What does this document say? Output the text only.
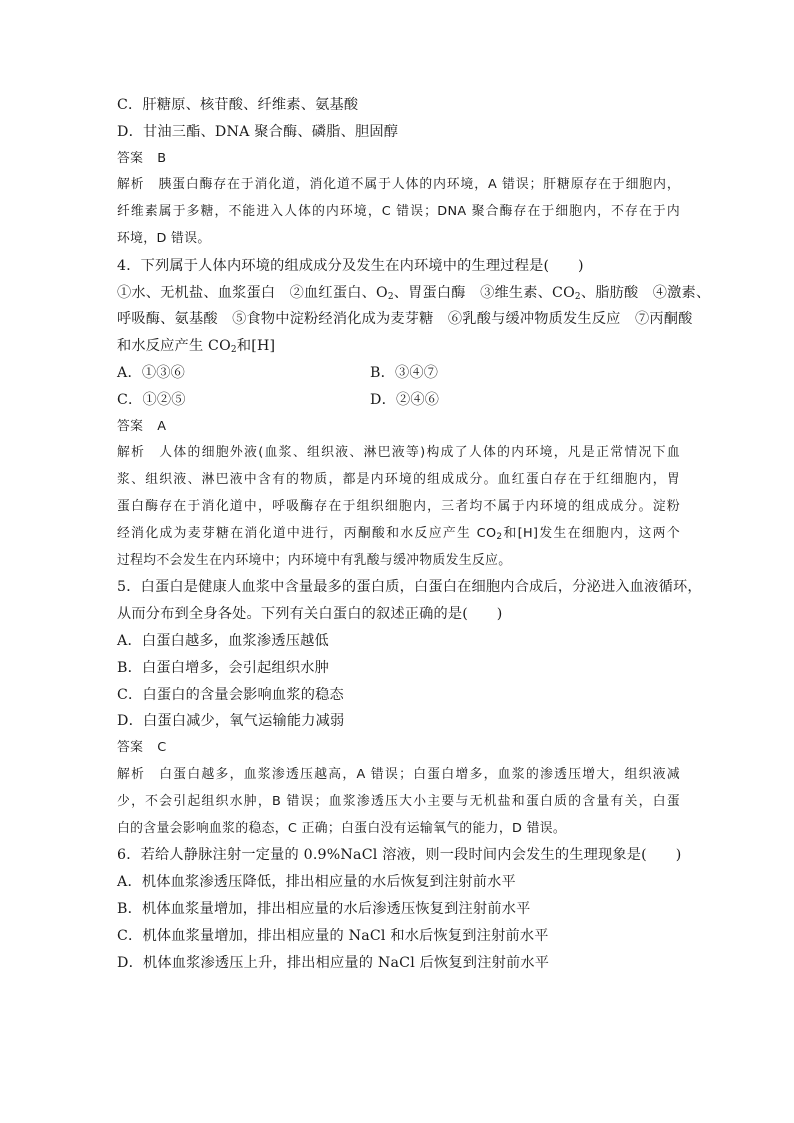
C．肝糖原、核苷酸、纤维素、氨基酸
D．甘油三酯、DNA 聚合酶、磷脂、胆固醇
答案 B
解析 胰蛋白酶存在于消化道，消化道不属于人体的内环境，A 错误；肝糖原存在于细胞内，
纤维素属于多糖，不能进入人体的内环境，C 错误；DNA 聚合酶存在于细胞内，不存在于内
环境，D 错误。
4．下列属于人体内环境的组成成分及发生在内环境中的生理过程是(　　)
①水、无机盐、血浆蛋白　②血红蛋白、$O_2$、胃蛋白酶　③维生素、$CO_2$、脂肪酸　④激素、
呼吸酶、氨基酸　⑤食物中淀粉经消化成为麦芽糖　⑥乳酸与缓冲物质发生反应　⑦丙酮酸
和水反应产生 $CO_2$和[H]
A．①③⑥	B．③④⑦
C．①②⑤	D．②④⑥
答案 A
解析 人体的细胞外液(血浆、组织液、淋巴液等)构成了人体的内环境，凡是正常情况下血
浆、组织液、淋巴液中含有的物质，都是内环境的组成成分。血红蛋白存在于红细胞内，胃
蛋白酶存在于消化道中，呼吸酶存在于组织细胞内，三者均不属于内环境的组成成分。淀粉
经消化成为麦芽糖在消化道中进行，丙酮酸和水反应产生 $CO_2$和[H]发生在细胞内，这两个
过程均不会发生在内环境中；内环境中有乳酸与缓冲物质发生反应。
5．白蛋白是健康人血浆中含量最多的蛋白质，白蛋白在细胞内合成后，分泌进入血液循环，
从而分布到全身各处。下列有关白蛋白的叙述正确的是(　　)
A．白蛋白越多，血浆渗透压越低
B．白蛋白增多，会引起组织水肿
C．白蛋白的含量会影响血浆的稳态
D．白蛋白减少，氧气运输能力减弱
答案 C
解析 白蛋白越多，血浆渗透压越高，A 错误；白蛋白增多，血浆的渗透压增大，组织液减
少，不会引起组织水肿，B 错误；血浆渗透压大小主要与无机盐和蛋白质的含量有关，白蛋
白的含量会影响血浆的稳态，C 正确；白蛋白没有运输氧气的能力，D 错误。
6．若给人静脉注射一定量的 0.9%NaCl 溶液，则一段时间内会发生的生理现象是(　　)
A．机体血浆渗透压降低，排出相应量的水后恢复到注射前水平
B．机体血浆量增加，排出相应量的水后渗透压恢复到注射前水平
C．机体血浆量增加，排出相应量的 NaCl 和水后恢复到注射前水平
D．机体血浆渗透压上升，排出相应量的 NaCl 后恢复到注射前水平
